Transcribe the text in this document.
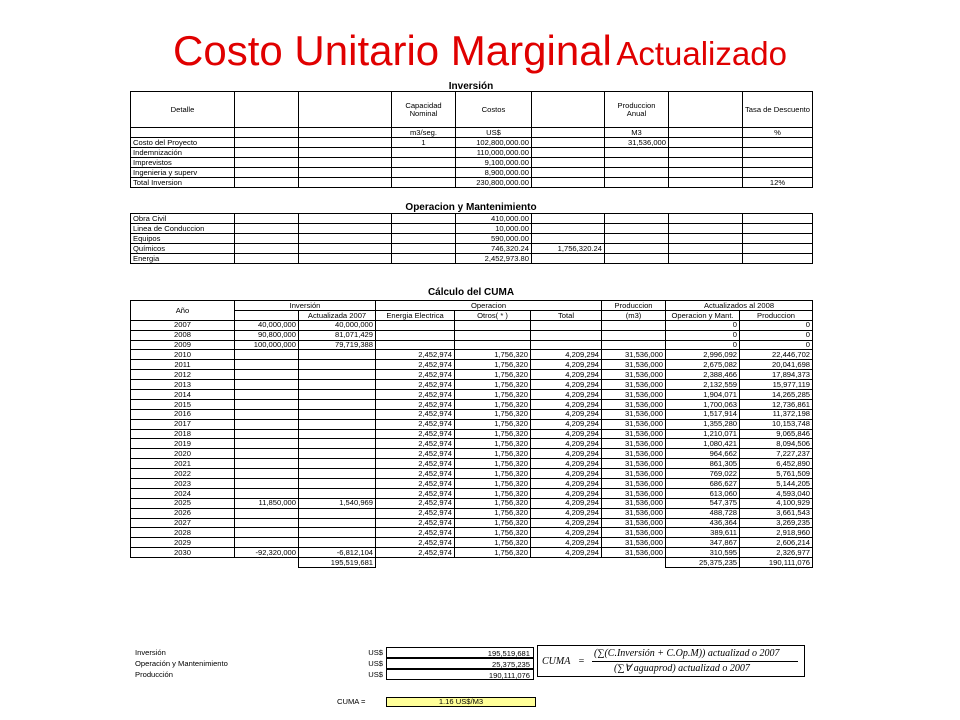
Costo Unitario Marginal Actualizado
Inversión
Detalle			Capacidad Nominal	Costos		Produccion Anual		Tasa de Descuento
			m3/seg.	US$		M3		%
Costo del Proyecto			1	102,800,000.00		31,536,000		
Indemnización				110,000,000.00				
Imprevistos				9,100,000.00				
Ingenieria y superv				8,900,000.00				
Total Inversion				230,800,000.00				12%
Operacion y Mantenimiento
Obra Civil				410,000.00				
Linea de Conduccion				10,000.00				
Equipos				590,000.00				
Químicos				746,320.24	1,756,320.24			
Energia				2,452,973.80				
Cálculo del CUMA
Año	Inversión		Operacion			Produccion	Actualizados al 2008	
		Actualizada 2007	Energia Electrica	Otros( * )	Total	(m3)	Operacion y Mant.	Produccion

2007	40,000,000	40,000,000					0	0
2008	90,800,000	81,071,429					0	0
2009	100,000,000	79,719,388					0	0
2010			2,452,974	1,756,320	4,209,294	31,536,000	2,996,092	22,446,702
2011			2,452,974	1,756,320	4,209,294	31,536,000	2,675,082	20,041,698
2012			2,452,974	1,756,320	4,209,294	31,536,000	2,388,466	17,894,373
2013			2,452,974	1,756,320	4,209,294	31,536,000	2,132,559	15,977,119
2014			2,452,974	1,756,320	4,209,294	31,536,000	1,904,071	14,265,285
2015			2,452,974	1,756,320	4,209,294	31,536,000	1,700,063	12,736,861
2016			2,452,974	1,756,320	4,209,294	31,536,000	1,517,914	11,372,198
2017			2,452,974	1,756,320	4,209,294	31,536,000	1,355,280	10,153,748
2018			2,452,974	1,756,320	4,209,294	31,536,000	1,210,071	9,065,846
2019			2,452,974	1,756,320	4,209,294	31,536,000	1,080,421	8,094,506
2020			2,452,974	1,756,320	4,209,294	31,536,000	964,662	7,227,237
2021			2,452,974	1,756,320	4,209,294	31,536,000	861,305	6,452,890
2022			2,452,974	1,756,320	4,209,294	31,536,000	769,022	5,761,509
2023			2,452,974	1,756,320	4,209,294	31,536,000	686,627	5,144,205
2024			2,452,974	1,756,320	4,209,294	31,536,000	613,060	4,593,040
2025	11,850,000	1,540,969	2,452,974	1,756,320	4,209,294	31,536,000	547,375	4,100,929
2026			2,452,974	1,756,320	4,209,294	31,536,000	488,728	3,661,543
2027			2,452,974	1,756,320	4,209,294	31,536,000	436,364	3,269,235
2028			2,452,974	1,756,320	4,209,294	31,536,000	389,611	2,918,960
2029			2,452,974	1,756,320	4,209,294	31,536,000	347,867	2,606,214
2030	-92,320,000	-6,812,104	2,452,974	1,756,320	4,209,294	31,536,000	310,595	2,326,977
		195,519,681					25,375,235	190,111,076
Inversión	US$	195,519,681
Operación y Mantenimiento	US$	25,375,235
Producción	US$	190,111,076
CUMA =
(∑(C.Inversión + C.Op.M)) actualizad o 2007
(∑∀ aguaprod) actualizad o 2007
CUMA =	1.16 US$/M3
